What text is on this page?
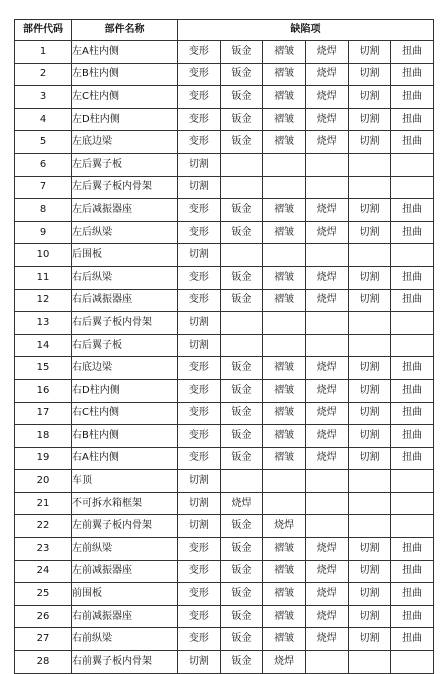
部件代码	部件名称	缺陷项					
1	左A柱内侧	变形	钣金	褶皱	烧焊	切割	扭曲
2	左B柱内侧	变形	钣金	褶皱	烧焊	切割	扭曲
3	左C柱内侧	变形	钣金	褶皱	烧焊	切割	扭曲
4	左D柱内侧	变形	钣金	褶皱	烧焊	切割	扭曲
5	左底边梁	变形	钣金	褶皱	烧焊	切割	扭曲
6	左后翼子板	切割					
7	左后翼子板内骨架	切割					
8	左后减振器座	变形	钣金	褶皱	烧焊	切割	扭曲
9	左后纵梁	变形	钣金	褶皱	烧焊	切割	扭曲
10	后围板	切割					
11	右后纵梁	变形	钣金	褶皱	烧焊	切割	扭曲
12	右后减振器座	变形	钣金	褶皱	烧焊	切割	扭曲
13	右后翼子板内骨架	切割					
14	右后翼子板	切割					
15	右底边梁	变形	钣金	褶皱	烧焊	切割	扭曲
16	右D柱内侧	变形	钣金	褶皱	烧焊	切割	扭曲
17	右C柱内侧	变形	钣金	褶皱	烧焊	切割	扭曲
18	右B柱内侧	变形	钣金	褶皱	烧焊	切割	扭曲
19	右A柱内侧	变形	钣金	褶皱	烧焊	切割	扭曲
20	车顶	切割					
21	不可拆水箱框架	切割	烧焊				
22	左前翼子板内骨架	切割	钣金	烧焊			
23	左前纵梁	变形	钣金	褶皱	烧焊	切割	扭曲
24	左前减振器座	变形	钣金	褶皱	烧焊	切割	扭曲
25	前围板	变形	钣金	褶皱	烧焊	切割	扭曲
26	右前减振器座	变形	钣金	褶皱	烧焊	切割	扭曲
27	右前纵梁	变形	钣金	褶皱	烧焊	切割	扭曲
28	右前翼子板内骨架	切割	钣金	烧焊			
